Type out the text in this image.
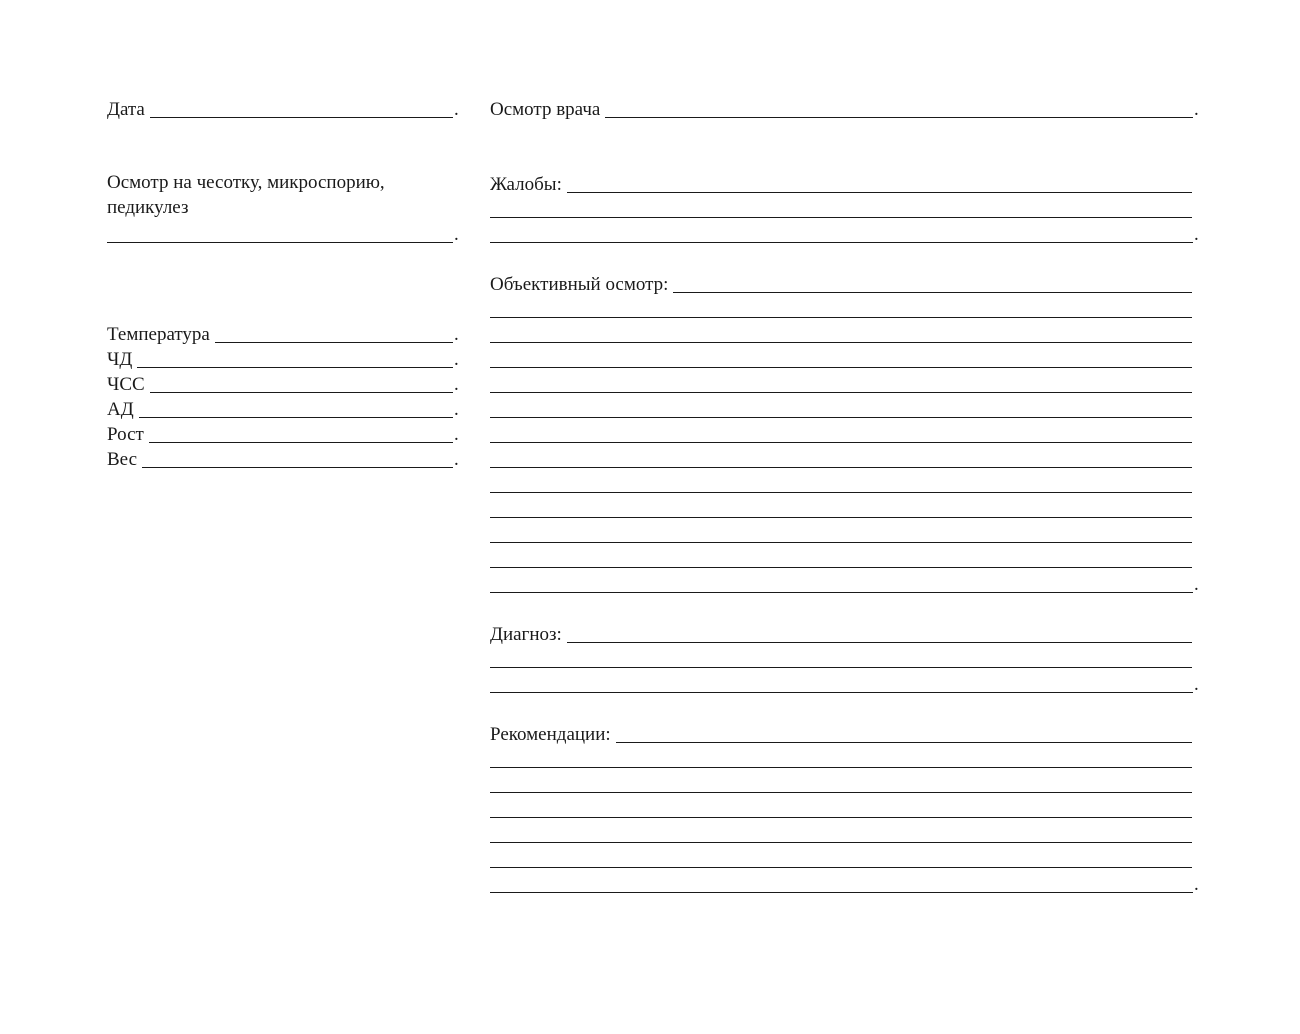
Дата	.
Осмотр на чесотку, микроспорию,
педикулез
.
Температура	.
ЧД	.
ЧСС	.
АД	.
Рост	.
Вес	.
Осмотр врача	.
Жалобы:
.
Объективный осмотр:
.
Диагноз:
.
Рекомендации:
.
